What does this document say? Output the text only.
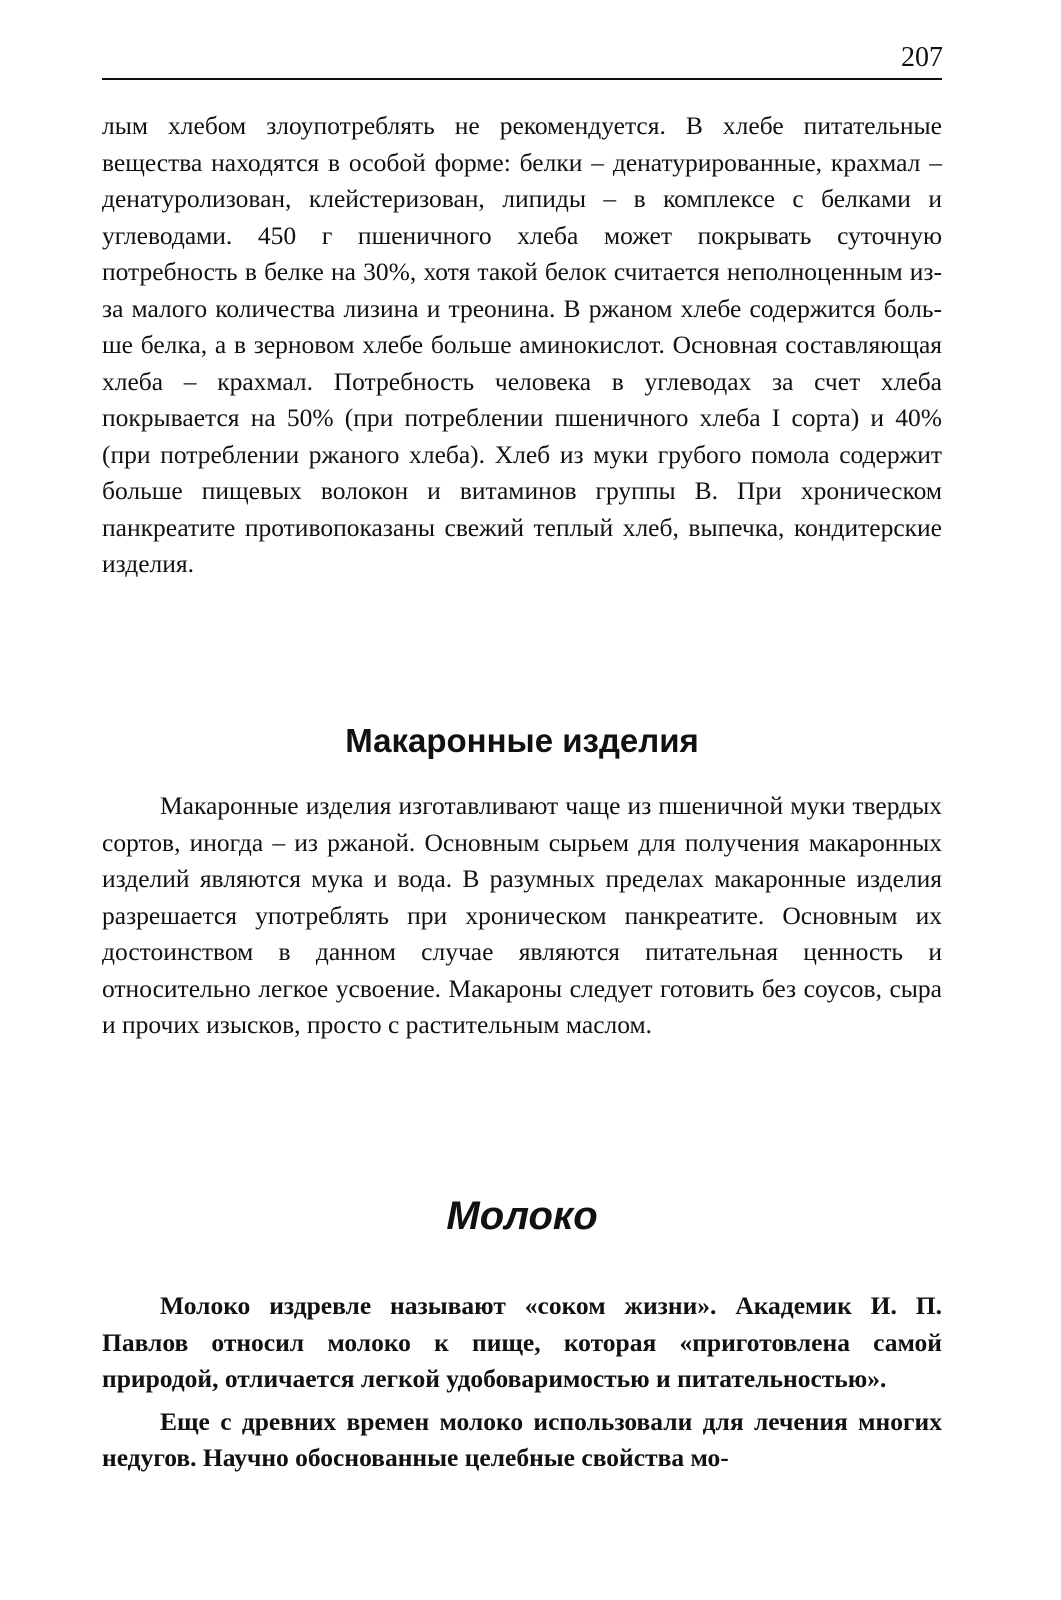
207

лым хлебом злоупотреблять не рекомендуется. В хлебе питательные вещества находятся в особой форме: белки – денатурированные, крахмал – денатуролизован, клейстеризован, липиды – в комплексе с белками и углеводами. 450 г пшеничного хлеба может покрывать суточную потребность в белке на 30%, хотя такой белок считается неполноценным из-за малого количества лизина и треонина. В ржаном хлебе содержится больше белка, а в зерновом хлебе больше аминокислот. Основная составляющая хлеба – крахмал. Потребность человека в углеводах за счет хлеба покрывается на 50% (при потреблении пшеничного хлеба I сорта) и 40% (при потреблении ржаного хлеба). Хлеб из муки грубого помола содержит больше пищевых волокон и витаминов группы В. При хроническом панкреатите противопоказаны свежий теплый хлеб, выпечка, кондитерские изделия.

Макаронные изделия

Макаронные изделия изготавливают чаще из пшеничной муки твердых сортов, иногда – из ржаной. Основным сырьем для получения макаронных изделий являются мука и вода. В разумных пределах макаронные изделия разрешается употреблять при хроническом панкреатите. Основным их достоинством в данном случае являются питательная ценность и относительно легкое усвоение. Макароны следует готовить без соусов, сыра и прочих изысков, просто с растительным маслом.

Молоко

Молоко издревле называют «соком жизни». Академик И. П. Павлов относил молоко к пище, которая «приготовлена самой природой, отличается легкой удобоваримостью и питательностью».

Еще с древних времен молоко использовали для лечения многих недугов. Научно обоснованные целебные свойства мо-
